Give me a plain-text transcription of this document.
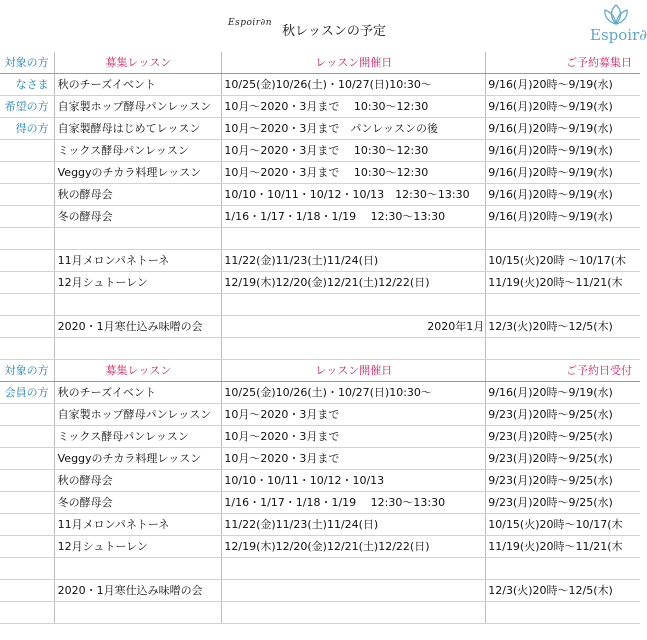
Espoir∂n
秋レッスンの予定	Espoir∂
対象の方	募集レッスン	レッスン開催日	ご予約募集日
なさま	秋のチーズイベント	10/25(金)10/26(土)・10/27(日)10:30〜	9/16(月)20時〜9/19(水)
希望の方	自家製ホップ酵母パンレッスン	10月〜2020・3月まで　 10:30〜12:30	9/16(月)20時〜9/19(水)
得の方	自家製酵母はじめてレッスン	10月〜2020・3月まで　パンレッスンの後	9/16(月)20時〜9/19(水)
	ミックス酵母パンレッスン	10月〜2020・3月まで　 10:30〜12:30	9/16(月)20時〜9/19(水)
	Veggyのチカラ料理レッスン	10月〜2020・3月まで　 10:30〜12:30	9/16(月)20時〜9/19(水)
	秋の酵母会	10/10・10/11・10/12・10/13　12:30〜13:30	9/16(月)20時〜9/19(水)
	冬の酵母会	1/16・1/17・1/18・1/19　 12:30〜13:30	9/16(月)20時〜9/19(水)

	11月メロンパネトーネ	11/22(金)11/23(土)11/24(日)	10/15(火)20時 〜10/17(木
	12月シュトーレン	12/19(木)12/20(金)12/21(土)12/22(日)	11/19(火)20時〜11/21(木

	2020・1月寒仕込み味噌の会	2020年1月	12/3(火)20時〜12/5(木)

対象の方	募集レッスン	レッスン開催日	ご予約日受付
会員の方	秋のチーズイベント	10/25(金)10/26(土)・10/27(日)10:30〜	9/16(月)20時〜9/19(水)
	自家製ホップ酵母パンレッスン	10月〜2020・3月まで	9/23(月)20時〜9/25(水)
	ミックス酵母パンレッスン	10月〜2020・3月まで	9/23(月)20時〜9/25(水)
	Veggyのチカラ料理レッスン	10月〜2020・3月まで	9/23(月)20時〜9/25(水)
	秋の酵母会	10/10・10/11・10/12・10/13	9/23(月)20時〜9/25(水)
	冬の酵母会	1/16・1/17・1/18・1/19　 12:30〜13:30	9/23(月)20時〜9/25(水)
	11月メロンパネトーネ	11/22(金)11/23(土)11/24(日)	10/15(火)20時〜10/17(木
	12月シュトーレン	12/19(木)12/20(金)12/21(土)12/22(日)	11/19(火)20時〜11/21(木

	2020・1月寒仕込み味噌の会		12/3(火)20時〜12/5(木)
